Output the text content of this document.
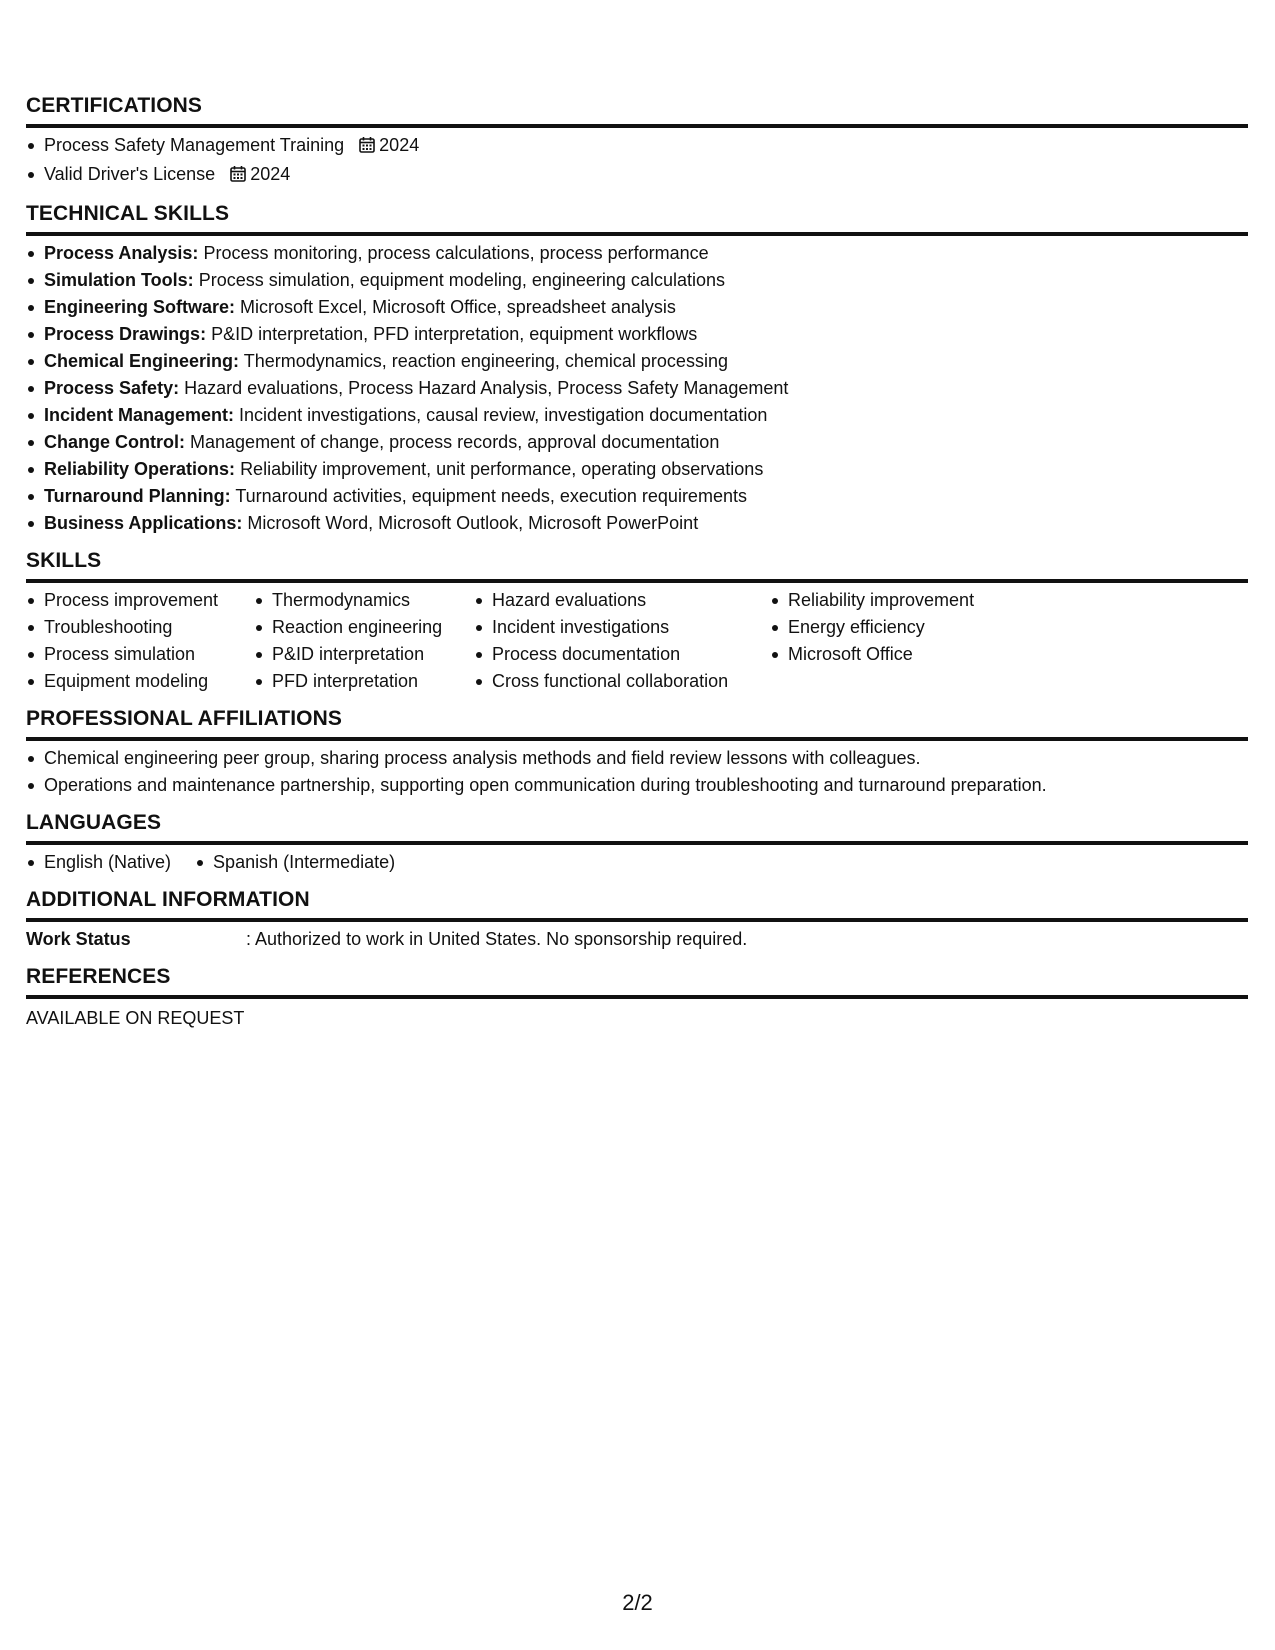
CERTIFICATIONS
Process Safety Management Training 2024
Valid Driver's License 2024
TECHNICAL SKILLS
Process Analysis: Process monitoring, process calculations, process performance
Simulation Tools: Process simulation, equipment modeling, engineering calculations
Engineering Software: Microsoft Excel, Microsoft Office, spreadsheet analysis
Process Drawings: P&ID interpretation, PFD interpretation, equipment workflows
Chemical Engineering: Thermodynamics, reaction engineering, chemical processing
Process Safety: Hazard evaluations, Process Hazard Analysis, Process Safety Management
Incident Management: Incident investigations, causal review, investigation documentation
Change Control: Management of change, process records, approval documentation
Reliability Operations: Reliability improvement, unit performance, operating observations
Turnaround Planning: Turnaround activities, equipment needs, execution requirements
Business Applications: Microsoft Word, Microsoft Outlook, Microsoft PowerPoint
SKILLS
Process improvement
Troubleshooting
Process simulation
Equipment modeling
Thermodynamics
Reaction engineering
P&ID interpretation
PFD interpretation
Hazard evaluations
Incident investigations
Process documentation
Cross functional collaboration
Reliability improvement
Energy efficiency
Microsoft Office
PROFESSIONAL AFFILIATIONS
Chemical engineering peer group, sharing process analysis methods and field review lessons with colleagues.
Operations and maintenance partnership, supporting open communication during troubleshooting and turnaround preparation.
LANGUAGES
English (Native)	Spanish (Intermediate)
ADDITIONAL INFORMATION
Work Status	: Authorized to work in United States. No sponsorship required.
REFERENCES
AVAILABLE ON REQUEST
2/2
